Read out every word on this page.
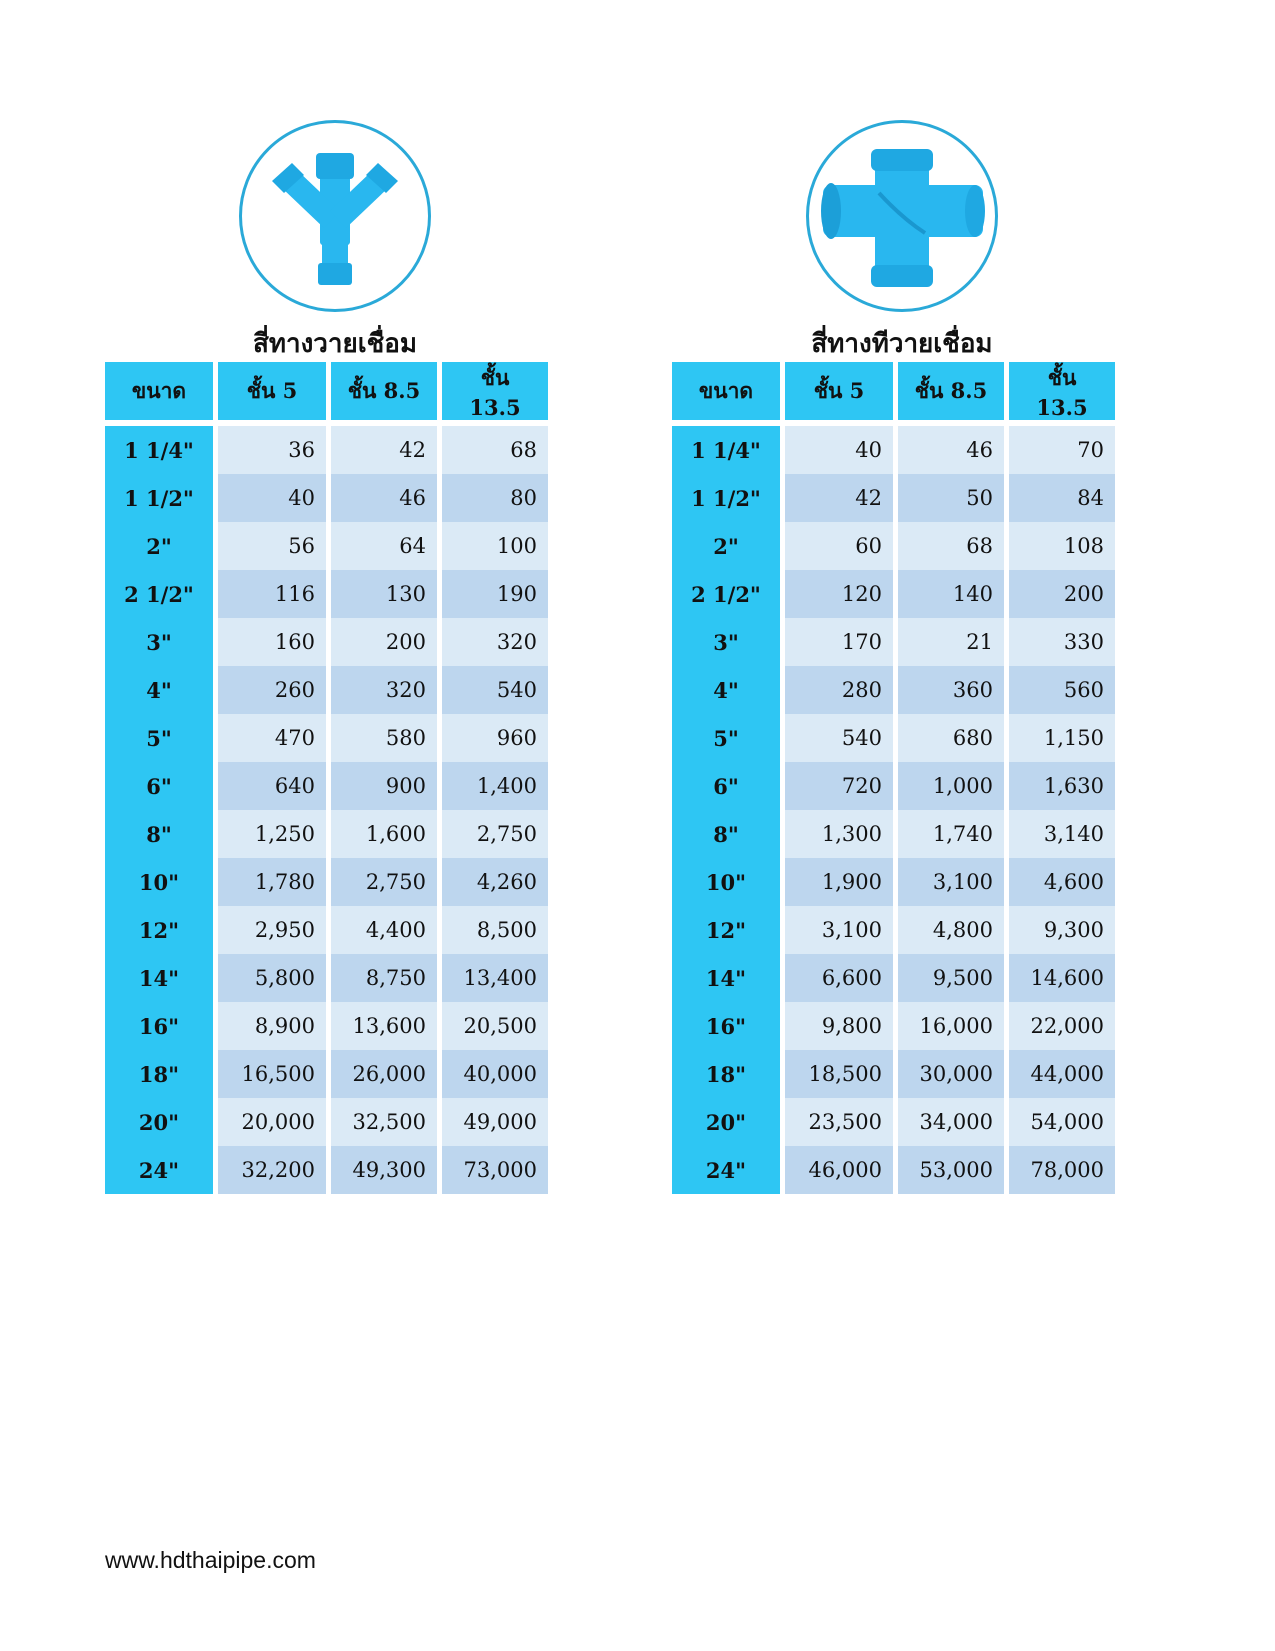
สี่ทางวายเชื่อม
ขนาด	ชั้น 5	ชั้น 8.5	ชั้น 13.5

1 1/4"	36	42	68
1 1/2"	40	46	80
2"	56	64	100
2 1/2"	116	130	190
3"	160	200	320
4"	260	320	540
5"	470	580	960
6"	640	900	1,400
8"	1,250	1,600	2,750
10"	1,780	2,750	4,260
12"	2,950	4,400	8,500
14"	5,800	8,750	13,400
16"	8,900	13,600	20,500
18"	16,500	26,000	40,000
20"	20,000	32,500	49,000
24"	32,200	49,300	73,000
สี่ทางทีวายเชื่อม
ขนาด	ชั้น 5	ชั้น 8.5	ชั้น 13.5

1 1/4"	40	46	70
1 1/2"	42	50	84
2"	60	68	108
2 1/2"	120	140	200
3"	170	21	330
4"	280	360	560
5"	540	680	1,150
6"	720	1,000	1,630
8"	1,300	1,740	3,140
10"	1,900	3,100	4,600
12"	3,100	4,800	9,300
14"	6,600	9,500	14,600
16"	9,800	16,000	22,000
18"	18,500	30,000	44,000
20"	23,500	34,000	54,000
24"	46,000	53,000	78,000
www.hdthaipipe.com
